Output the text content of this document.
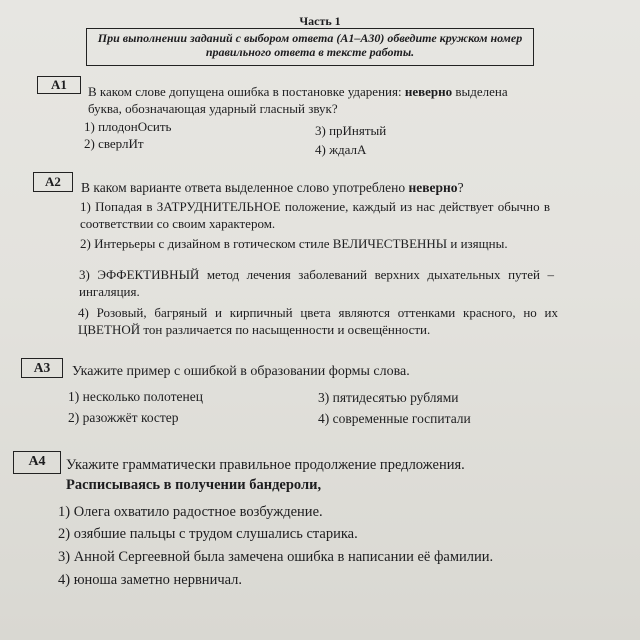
Часть 1
При выполнении заданий с выбором ответа (А1–А30) обведите кружком номер правильного ответа в тексте работы.
А1	В каком слове допущена ошибка в постановке ударения: неверно выделена буква, обозначающая ударный гласный звук?
1) плодонОсить
2) сверлИт
3) прИнятый
4) ждалА
А2	В каком варианте ответа выделенное слово употреблено неверно?
1) Попадая в ЗАТРУДНИТЕЛЬНОЕ положение, каждый из нас действует обычно в соответствии со своим характером.
2) Интерьеры с дизайном в готическом стиле ВЕЛИЧЕСТВЕННЫ и изящны.
3) ЭФФЕКТИВНЫЙ метод лечения заболеваний верхних дыхательных путей – ингаляция.
4) Розовый, багряный и кирпичный цвета являются оттенками красного, но их ЦВЕТНОЙ тон различается по насыщенности и освещённости.
А3	Укажите пример с ошибкой в образовании формы слова.
1) несколько полотенец
2) разожжёт костер
3) пятидесятью рублями
4) современные госпитали
А4	Укажите грамматически правильное продолжение предложения.
Расписываясь в получении бандероли,
1) Олега охватило радостное возбуждение.
2) озябшие пальцы с трудом слушались старика.
3) Анной Сергеевной была замечена ошибка в написании её фамилии.
4) юноша заметно нервничал.
